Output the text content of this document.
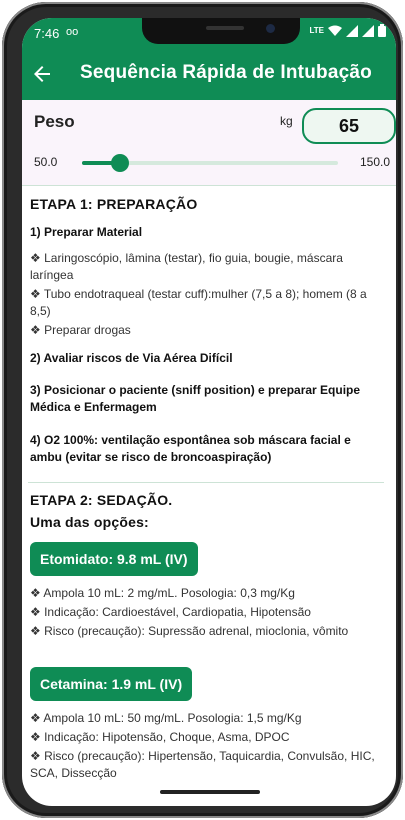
7:46 oo	LTE
Sequência Rápida de Intubação
Peso	kg	65
50.0	150.0
ETAPA 1: PREPARAÇÃO
1) Preparar Material
❖ Laringoscópio, lâmina (testar), fio guia, bougie, máscara laríngea
❖ Tubo endotraqueal (testar cuff):mulher (7,5 a 8); homem (8 a 8,5)
❖ Preparar drogas
2) Avaliar riscos de Via Aérea Difícil
3) Posicionar o paciente (sniff position) e preparar Equipe Médica e Enfermagem
4) O2 100%: ventilação espontânea sob máscara facial e ambu (evitar se risco de broncoaspiração)
ETAPA 2: SEDAÇÃO.
Uma das opções:
Etomidato: 9.8 mL (IV)
❖ Ampola 10 mL: 2 mg/mL. Posologia: 0,3 mg/Kg
❖ Indicação: Cardioestável, Cardiopatia, Hipotensão
❖ Risco (precaução): Supressão adrenal, mioclonia, vômito
Cetamina: 1.9 mL (IV)
❖ Ampola 10 mL: 50 mg/mL. Posologia: 1,5 mg/Kg
❖ Indicação: Hipotensão, Choque, Asma, DPOC
❖ Risco (precaução): Hipertensão, Taquicardia, Convulsão, HIC, SCA, Dissecção
